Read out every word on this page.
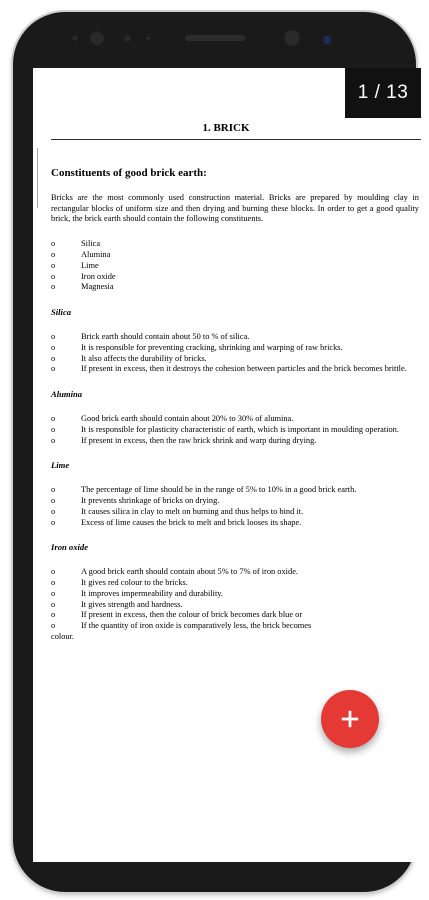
1 / 13
1. BRICK
Constituents of good brick earth:
Bricks are the most commonly used construction material. Bricks are prepared by moulding clay in rectangular blocks of uniform size and then drying and burning these blocks. In order to get a good quality brick, the brick earth should contain the following constituents.
o	Silica
o	Alumina
o	Lime
o	Iron oxide
o	Magnesia
Silica
o	Brick earth should contain about 50 to % of silica.
o	It is responsible for preventing cracking, shrinking and warping of raw bricks.
o	It also affects the durability of bricks.
o	If present in excess, then it destroys the cohesion between particles and the brick becomes brittle.
Alumina
o	Good brick earth should contain about 20% to 30% of alumina.
o	It is responsible for plasticity characteristic of earth, which is important in moulding operation.
o	If present in excess, then the raw brick shrink and warp during drying.
Lime
o	The percentage of lime should be in the range of 5% to 10% in a good brick earth.
o	It prevents shrinkage of bricks on drying.
o	It causes silica in clay to melt on burning and thus helps to bind it.
o	Excess of lime causes the brick to melt and brick looses its shape.
Iron oxide
o	A good brick earth should contain about 5% to 7% of iron oxide.
o	It gives red colour to the bricks.
o	It improves impermeability and durability.
o	It gives strength and hardness.
o	If present in excess, then the colour of brick becomes dark blue or
o	If the quantity of iron oxide is comparatively less, the brick becomes
colour.
